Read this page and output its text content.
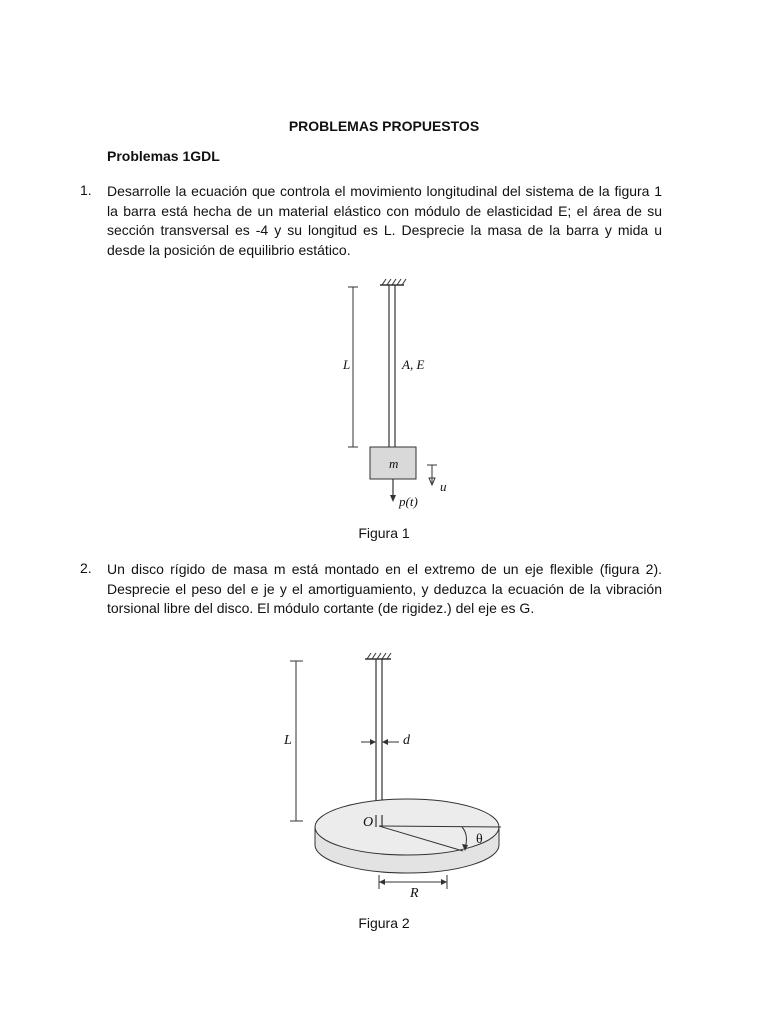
PROBLEMAS PROPUESTOS
Problemas 1GDL
1. Desarrolle la ecuación que controla el movimiento longitudinal del sistema de la figura 1 la barra está hecha de un material elástico con módulo de elasticidad E; el área de su sección transversal es -4 y su longitud es L. Desprecie la masa de la barra y mida u desde la posición de equilibrio estático.
L	A, E
m
u
p(t)
Figura 1
2. Un disco rígido de masa m está montado en el extremo de un eje flexible (figura 2). Desprecie el peso del e je y el amortiguamiento, y deduzca la ecuación de la vibración torsional libre del disco. El módulo cortante (de rigidez.) del eje es G.
L	d
O
θ
R
Figura 2
